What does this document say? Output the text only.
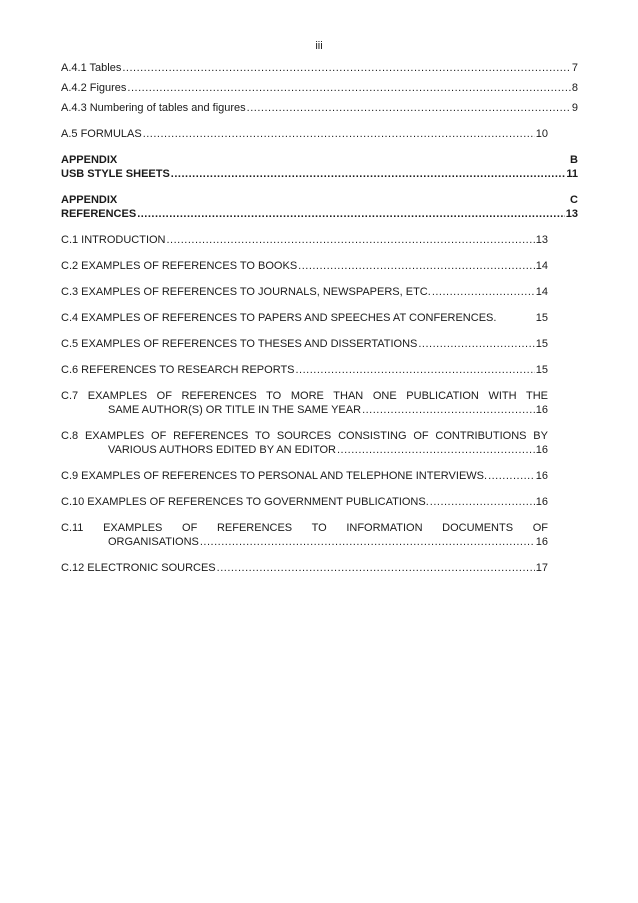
iii
A.4.1 Tables .....	7
A.4.2 Figures .....	8
A.4.3 Numbering of tables and figures .....	9
A.5 FORMULAS .....	10
APPENDIX	B
USB STYLE SHEETS .....	11
APPENDIX	C
REFERENCES .....	13
C.1 INTRODUCTION .....	13
C.2 EXAMPLES OF REFERENCES TO BOOKS .....	14
C.3 EXAMPLES OF REFERENCES TO JOURNALS, NEWSPAPERS, ETC. .....	14
C.4 EXAMPLES OF REFERENCES TO PAPERS AND SPEECHES AT CONFERENCES.	15
C.5 EXAMPLES OF REFERENCES TO THESES AND DISSERTATIONS .....	15
C.6 REFERENCES TO RESEARCH REPORTS .....	15
C.7 EXAMPLES OF REFERENCES TO MORE THAN ONE PUBLICATION WITH THE
SAME AUTHOR(S) OR TITLE IN THE SAME YEAR .....	16
C.8 EXAMPLES OF REFERENCES TO SOURCES CONSISTING OF CONTRIBUTIONS BY
VARIOUS AUTHORS EDITED BY AN EDITOR .....	16
C.9 EXAMPLES OF REFERENCES TO PERSONAL AND TELEPHONE INTERVIEWS. .....	16
C.10 EXAMPLES OF REFERENCES TO GOVERNMENT PUBLICATIONS. .....	16
C.11 EXAMPLES OF REFERENCES TO INFORMATION DOCUMENTS OF
ORGANISATIONS .....	16
C.12 ELECTRONIC SOURCES .....	17
